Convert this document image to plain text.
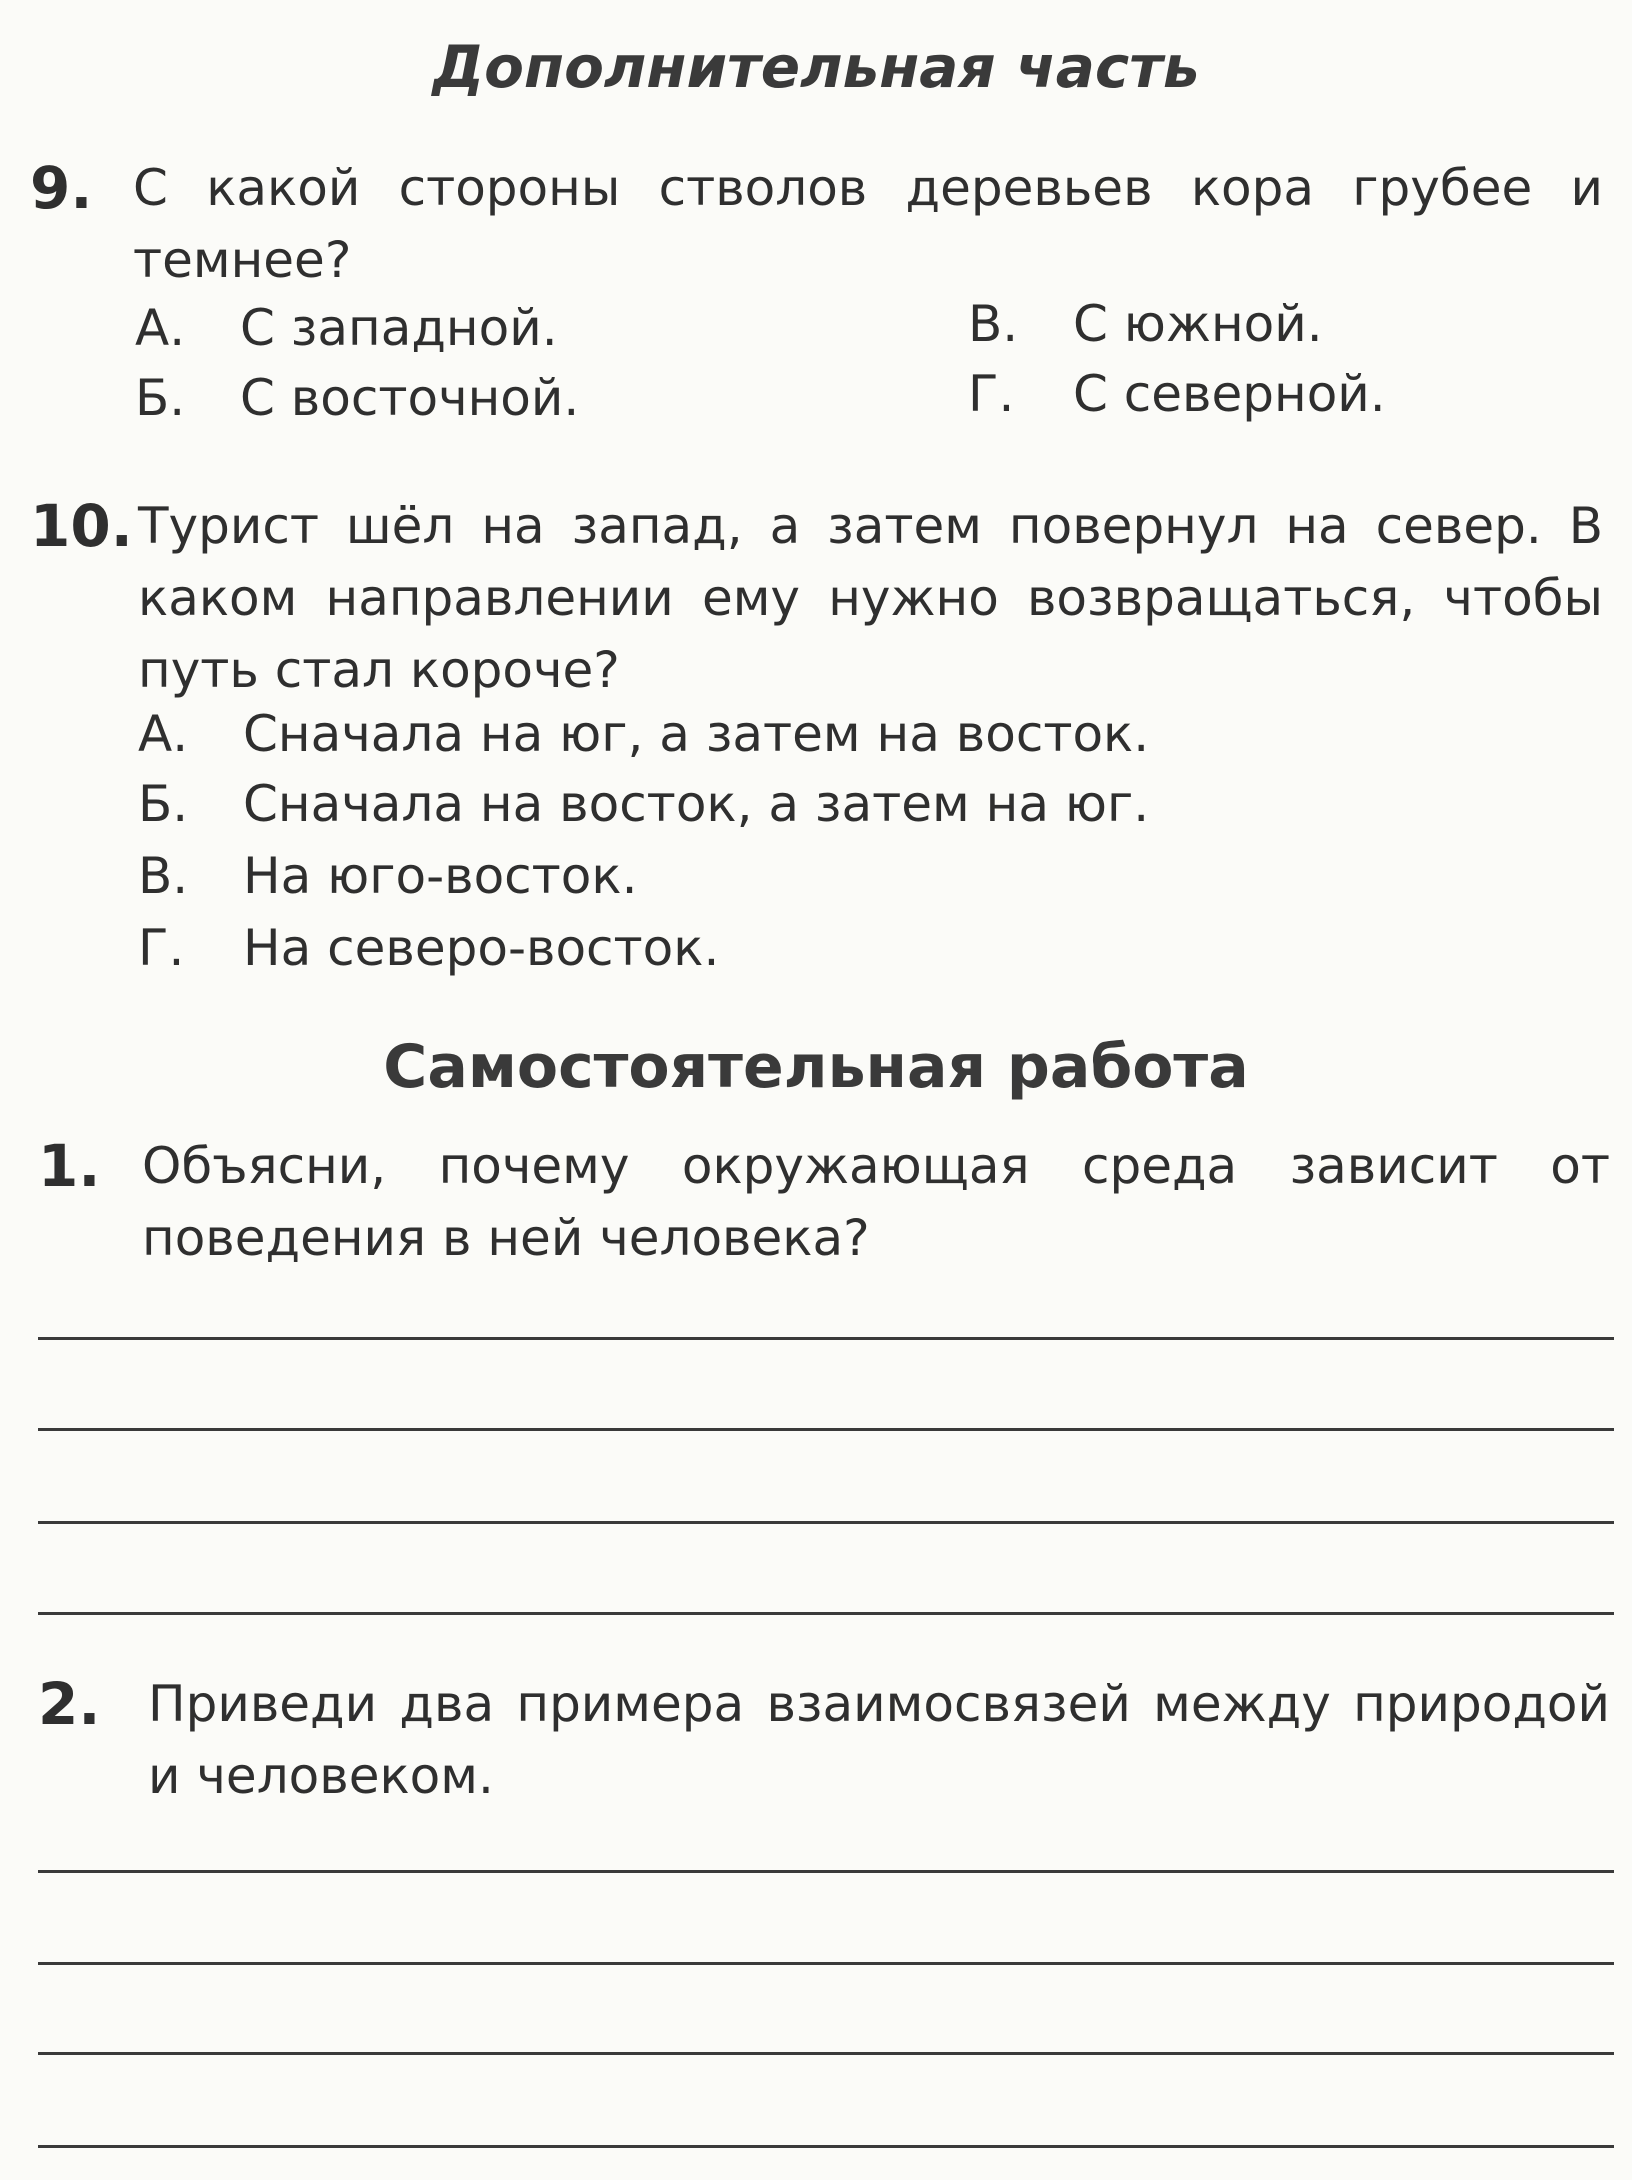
Дополнительная часть
9. С какой стороны стволов деревьев кора грубее и темнее?
А. С западной.
Б. С восточной.
В. С южной.
Г. С северной.
10. Турист шёл на запад, а затем повернул на север. В каком направлении ему нужно возвращаться, чтобы путь стал короче?
А. Сначала на юг, а затем на восток.
Б. Сначала на восток, а затем на юг.
В. На юго-восток.
Г. На северо-восток.
Самостоятельная работа
1. Объясни, почему окружающая среда зависит от поведения в ней человека?
2. Приведи два примера взаимосвязей между природой и человеком.
